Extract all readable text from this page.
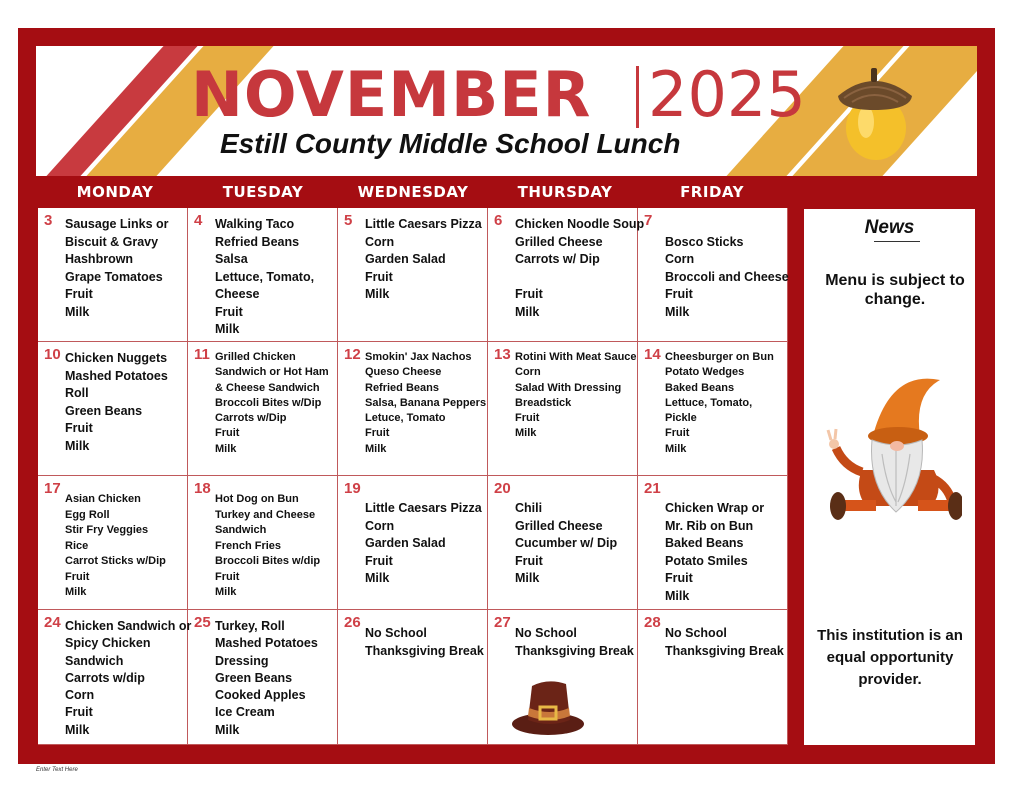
NOVEMBER 2025
Estill County Middle School Lunch
MONDAY	TUESDAY	WEDNESDAY	THURSDAY	FRIDAY
3 Sausage Links or
Biscuit & Gravy
Hashbrown
Grape Tomatoes
Fruit
Milk
4 Walking Taco
Refried Beans
Salsa
Lettuce, Tomato,
Cheese
Fruit
Milk
5 Little Caesars Pizza
Corn
Garden Salad
Fruit
Milk
6 Chicken Noodle Soup
Grilled Cheese
Carrots w/ Dip
Fruit
Milk
7
Bosco Sticks
Corn
Broccoli and Cheese
Fruit
Milk
10 Chicken Nuggets
Mashed Potatoes
Roll
Green Beans
Fruit
Milk
11 Grilled Chicken
Sandwich or Hot Ham
& Cheese Sandwich
Broccoli Bites w/Dip
Carrots w/Dip
Fruit
Milk
12 Smokin' Jax Nachos
Queso Cheese
Refried Beans
Salsa, Banana Peppers
Letuce, Tomato
Fruit
Milk
13 Rotini With Meat Sauce
Corn
Salad With Dressing
Breadstick
Fruit
Milk
14 Cheesburger on Bun
Potato Wedges
Baked Beans
Lettuce, Tomato,
Pickle
Fruit
Milk
17
Asian Chicken
Egg Roll
Stir Fry Veggies
Rice
Carrot Sticks w/Dip
Fruit
Milk
18
Hot Dog on Bun
Turkey and Cheese
Sandwich
French Fries
Broccoli Bites w/dip
Fruit
Milk
19
Little Caesars Pizza
Corn
Garden Salad
Fruit
Milk
20
Chili
Grilled Cheese
Cucumber w/ Dip
Fruit
Milk
21
Chicken Wrap or
Mr. Rib on Bun
Baked Beans
Potato Smiles
Fruit
Milk
24 Chicken Sandwich or
Spicy Chicken
Sandwich
Carrots w/dip
Corn
Fruit
Milk
25 Turkey, Roll
Mashed Potatoes
Dressing
Green Beans
Cooked Apples
Ice Cream
Milk
26
No School
Thanksgiving Break
27
No School
Thanksgiving Break
28
No School
Thanksgiving Break
News
Menu is subject to change.
This institution is an equal opportunity provider.
Enter Text Here
